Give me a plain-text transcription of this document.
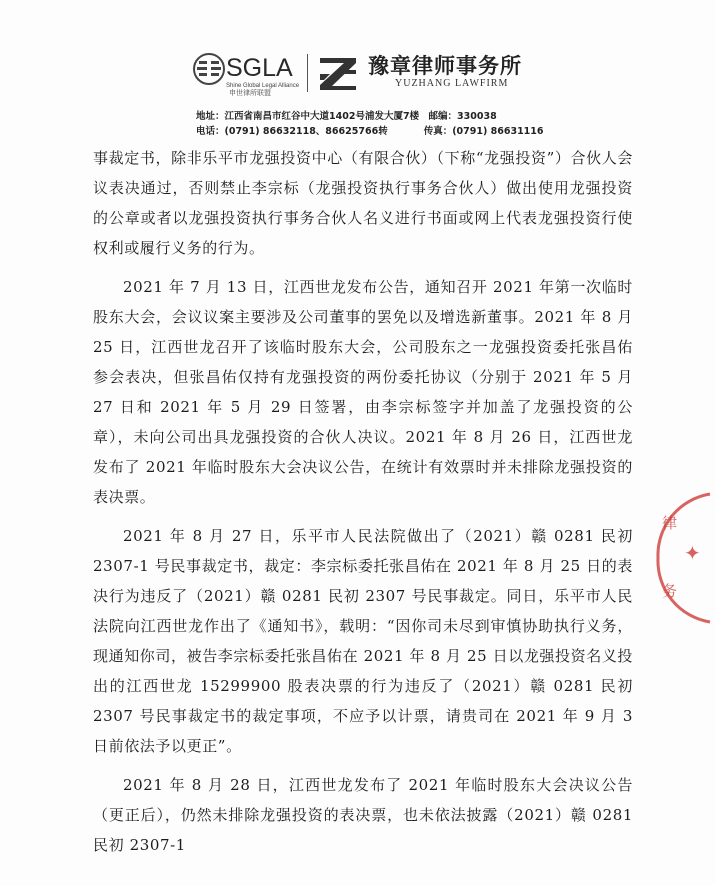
SGLA
Shine Global Legal Alliance申世律所联盟
豫章律师事务所
YUZHANG LAWFIRM
地址：江西省南昌市红谷中大道1402号浦发大厦7楼　邮编：330038
电话：(0791) 86632118、86625766转	传真：(0791) 86631116

事裁定书，除非乐平市龙强投资中心（有限合伙）（下称“龙强投资”）合伙人会议表决通过，否则禁止李宗标（龙强投资执行事务合伙人）做出使用龙强投资的公章或者以龙强投资执行事务合伙人名义进行书面或网上代表龙强投资行使权利或履行义务的行为。

2021 年 7 月 13 日，江西世龙发布公告，通知召开 2021 年第一次临时股东大会，会议议案主要涉及公司董事的罢免以及增选新董事。2021 年 8 月 25 日，江西世龙召开了该临时股东大会，公司股东之一龙强投资委托张昌佑参会表决，但张昌佑仅持有龙强投资的两份委托协议（分别于 2021 年 5 月 27 日和 2021 年 5 月 29 日签署，由李宗标签字并加盖了龙强投资的公章），未向公司出具龙强投资的合伙人决议。2021 年 8 月 26 日，江西世龙发布了 2021 年临时股东大会决议公告，在统计有效票时并未排除龙强投资的表决票。

2021 年 8 月 27 日，乐平市人民法院做出了（2021）赣 0281 民初 2307-1 号民事裁定书，裁定：李宗标委托张昌佑在 2021 年 8 月 25 日的表决行为违反了（2021）赣 0281 民初 2307 号民事裁定。同日，乐平市人民法院向江西世龙作出了《通知书》，载明：“因你司未尽到审慎协助执行义务，现通知你司，被告李宗标委托张昌佑在 2021 年 8 月 25 日以龙强投资名义投出的江西世龙 15299900 股表决票的行为违反了（2021）赣 0281 民初 2307 号民事裁定书的裁定事项，不应予以计票，请贵司在 2021 年 9 月 3 日前依法予以更正”。

2021 年 8 月 28 日，江西世龙发布了 2021 年临时股东大会决议公告（更正后），仍然未排除龙强投资的表决票，也未依法披露（2021）赣 0281 民初 2307-1

律
✦
务
